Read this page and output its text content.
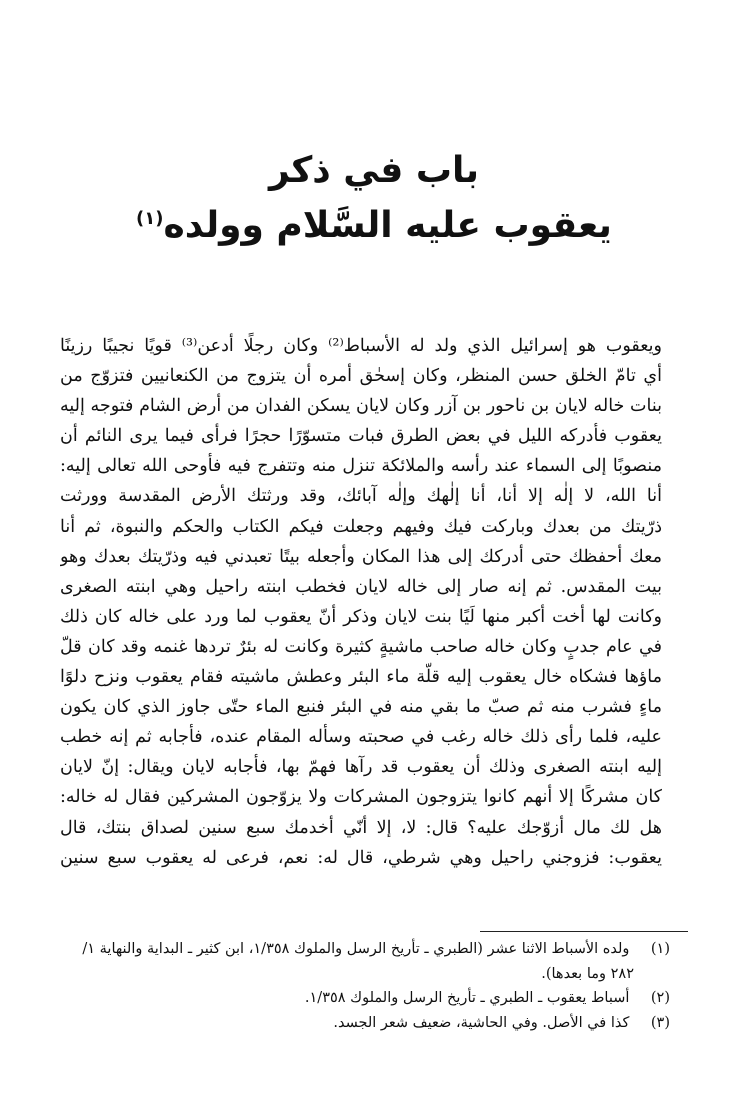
باب في ذكر
يعقوب عليه السَّلام وولده$^{(١)}$
ويعقوب هو إسرائيل الذي ولد له الأسباط⁽²⁾ وكان رجلًا أدعن⁽³⁾ قويًا نجيبًا رزينًا
أي تامّ الخلق حسن المنظر، وكان إسحٰق أمره أن يتزوج من الكنعانيين فتزوّج من
بنات خاله لايان بن ناحور بن آزر وكان لايان يسكن الفدان من أرض الشام فتوجه إليه
يعقوب فأدركه الليل في بعض الطرق فبات متسوّرًا حجرًا فرأى فيما يرى النائم أن
منصوبًا إلى السماء عند رأسه والملائكة تنزل منه وتتفرج فيه فأوحى الله تعالى إليه:
أنا الله، لا إلٰه إلا أنا، أنا إلٰهك وإلٰه آبائك، وقد ورثتك الأرض المقدسة وورثت
ذرّيتك من بعدك وباركت فيك وفيهم وجعلت فيكم الكتاب والحكم والنبوة، ثم أنا
معك أحفظك حتى أدركك إلى هذا المكان وأجعله بيتًا تعبدني فيه وذرّيتك بعدك وهو
بيت المقدس. ثم إنه صار إلى خاله لايان فخطب ابنته راحيل وهي ابنته الصغرى
وكانت لها أخت أكبر منها لَيًا بنت لايان وذكر أنّ يعقوب لما ورد على خاله كان ذلك
في عام جدبٍ وكان خاله صاحب ماشيةٍ كثيرة وكانت له بئرٌ تردها غنمه وقد كان قلّ
ماؤها فشكاه خال يعقوب إليه قلّة ماء البئر وعطش ماشيته فقام يعقوب ونزح دلوًا
ماءٍ فشرب منه ثم صبّ ما بقي منه في البئر فنبع الماء حتّى جاوز الذي كان يكون
عليه، فلما رأى ذلك خاله رغب في صحبته وسأله المقام عنده، فأجابه ثم إنه خطب
إليه ابنته الصغرى وذلك أن يعقوب قد رآها فهمّ بها، فأجابه لايان ويقال: إنّ لايان
كان مشركًا إلا أنهم كانوا يتزوجون المشركات ولا يزوّجون المشركين فقال له خاله:
هل لك مال أزوّجك عليه؟ قال: لا، إلا أنّي أخدمك سبع سنين لصداق بنتك، قال
يعقوب: فزوجني راحيل وهي شرطي، قال له: نعم، فرعى له يعقوب سبع سنين
(١) ولده الأسباط الاثنا عشر (الطبري ـ تأريخ الرسل والملوك ١/٣٥٨، ابن كثير ـ البداية والنهاية ١/
٢٨٢ وما بعدها).
(٢) أسباط يعقوب ـ الطبري ـ تأريخ الرسل والملوك ١/٣٥٨.
(٣) كذا في الأصل. وفي الحاشية، ضعيف شعر الجسد.
